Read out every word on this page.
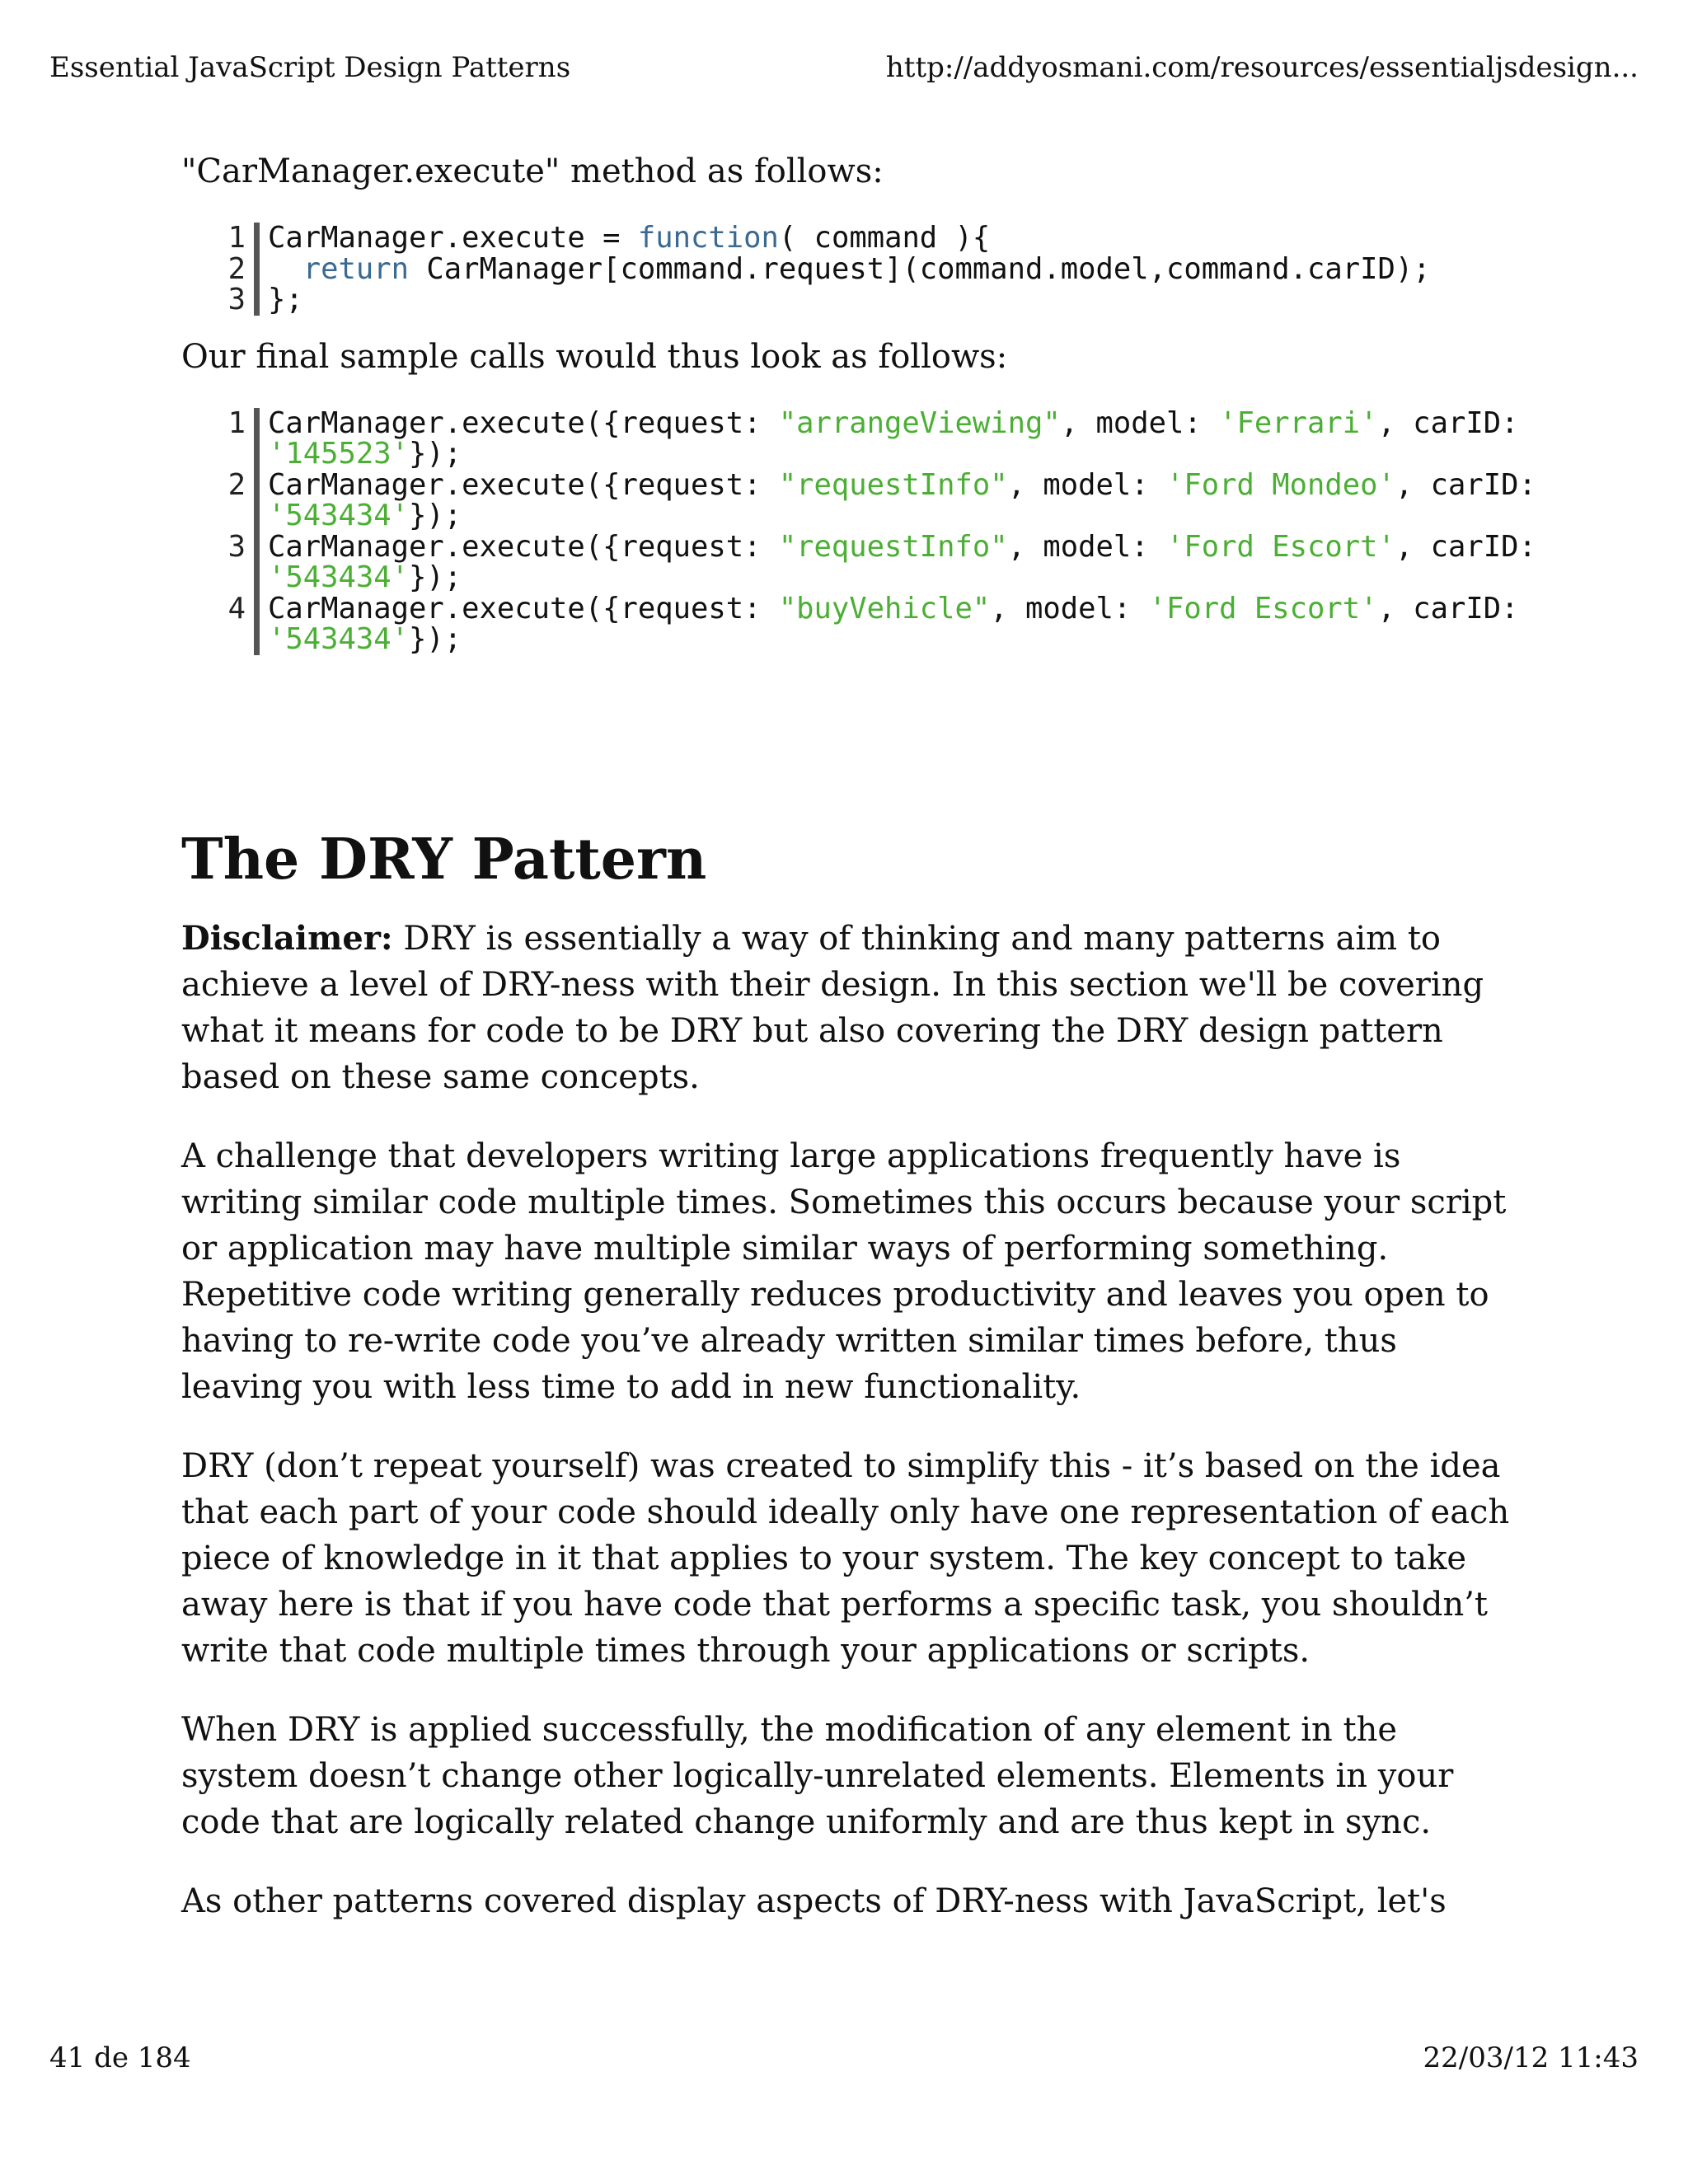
Essential JavaScript Design Patterns	http://addyosmani.com/resources/essentialjsdesign...

"CarManager.execute" method as follows:

1 CarManager.execute = function( command ){
2	return CarManager[command.request](command.model,command.carID);
3 };

Our final sample calls would thus look as follows:

1 CarManager.execute({request: "arrangeViewing", model: 'Ferrari', carID:
'145523'});
2 CarManager.execute({request: "requestInfo", model: 'Ford Mondeo', carID:
'543434'});
3 CarManager.execute({request: "requestInfo", model: 'Ford Escort', carID:
'543434'});
4 CarManager.execute({request: "buyVehicle", model: 'Ford Escort', carID:
'543434'});
The DRY Pattern

Disclaimer: DRY is essentially a way of thinking and many patterns aim to achieve a level of DRY-ness with their design. In this section we'll be covering what it means for code to be DRY but also covering the DRY design pattern based on these same concepts.

A challenge that developers writing large applications frequently have is writing similar code multiple times. Sometimes this occurs because your script or application may have multiple similar ways of performing something. Repetitive code writing generally reduces productivity and leaves you open to having to re-write code you’ve already written similar times before, thus leaving you with less time to add in new functionality.

DRY (don’t repeat yourself) was created to simplify this - it’s based on the idea that each part of your code should ideally only have one representation of each piece of knowledge in it that applies to your system. The key concept to take away here is that if you have code that performs a specific task, you shouldn’t write that code multiple times through your applications or scripts.

When DRY is applied successfully, the modification of any element in the system doesn’t change other logically-unrelated elements. Elements in your code that are logically related change uniformly and are thus kept in sync.

As other patterns covered display aspects of DRY-ness with JavaScript, let's

41 de 184	22/03/12 11:43
